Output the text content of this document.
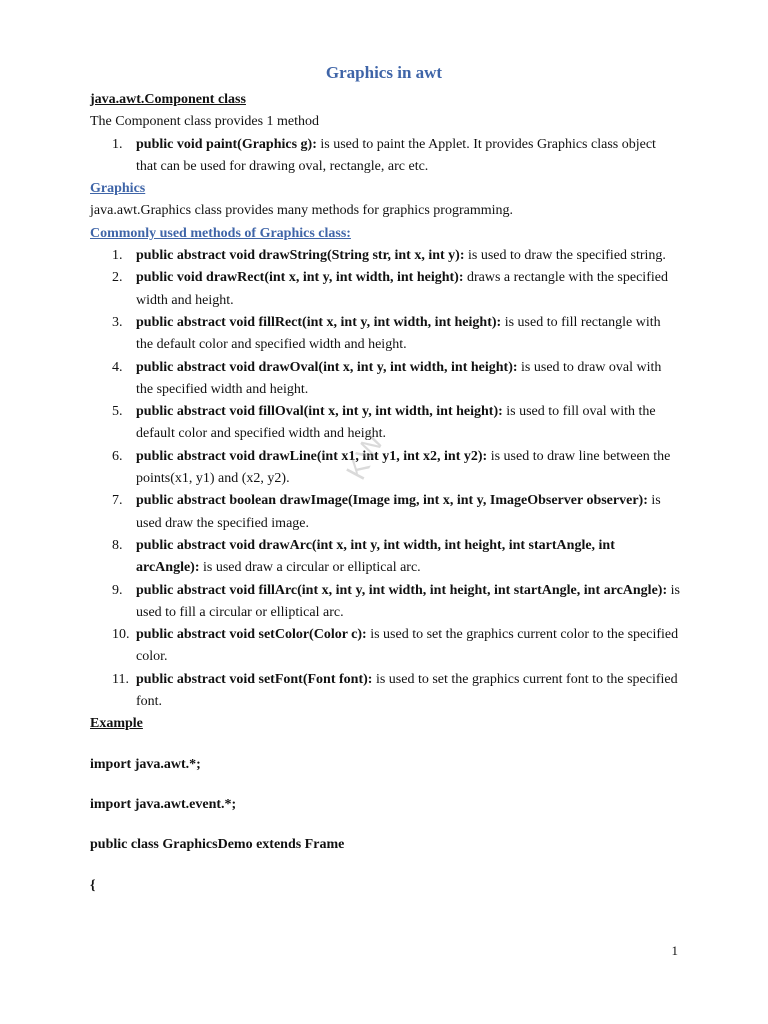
Graphics in awt
java.awt.Component class
The Component class provides 1 method
1. public void paint(Graphics g): is used to paint the Applet. It provides Graphics class object that can be used for drawing oval, rectangle, arc etc.
Graphics
java.awt.Graphics class provides many methods for graphics programming.
Commonly used methods of Graphics class:
1. public abstract void drawString(String str, int x, int y): is used to draw the specified string.
2. public void drawRect(int x, int y, int width, int height): draws a rectangle with the specified width and height.
3. public abstract void fillRect(int x, int y, int width, int height): is used to fill rectangle with the default color and specified width and height.
4. public abstract void drawOval(int x, int y, int width, int height): is used to draw oval with the specified width and height.
5. public abstract void fillOval(int x, int y, int width, int height): is used to fill oval with the default color and specified width and height.
6. public abstract void drawLine(int x1, int y1, int x2, int y2): is used to draw line between the points(x1, y1) and (x2, y2).
7. public abstract boolean drawImage(Image img, int x, int y, ImageObserver observer): is used draw the specified image.
8. public abstract void drawArc(int x, int y, int width, int height, int startAngle, int arcAngle): is used draw a circular or elliptical arc.
9. public abstract void fillArc(int x, int y, int width, int height, int startAngle, int arcAngle): is used to fill a circular or elliptical arc.
10. public abstract void setColor(Color c): is used to set the graphics current color to the specified color.
11. public abstract void setFont(Font font): is used to set the graphics current font to the specified font.
Example
import java.awt.*;
import java.awt.event.*;
public class GraphicsDemo extends Frame
{
KW
1
